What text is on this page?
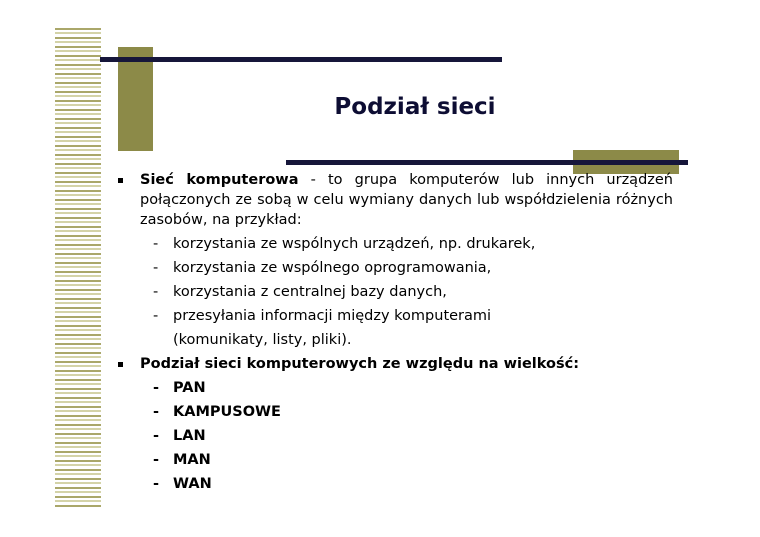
Podział sieci
Sieć komputerowa - to grupa komputerów lub innych urządzeń połączonych ze sobą w celu wymiany danych lub współdzielenia różnych zasobów, na przykład:
- korzystania ze wspólnych urządzeń, np. drukarek,
- korzystania ze wspólnego oprogramowania,
- korzystania z centralnej bazy danych,
- przesyłania informacji między komputerami
(komunikaty, listy, pliki).
Podział sieci komputerowych ze względu na wielkość:
- PAN
- KAMPUSOWE
- LAN
- MAN
- WAN
